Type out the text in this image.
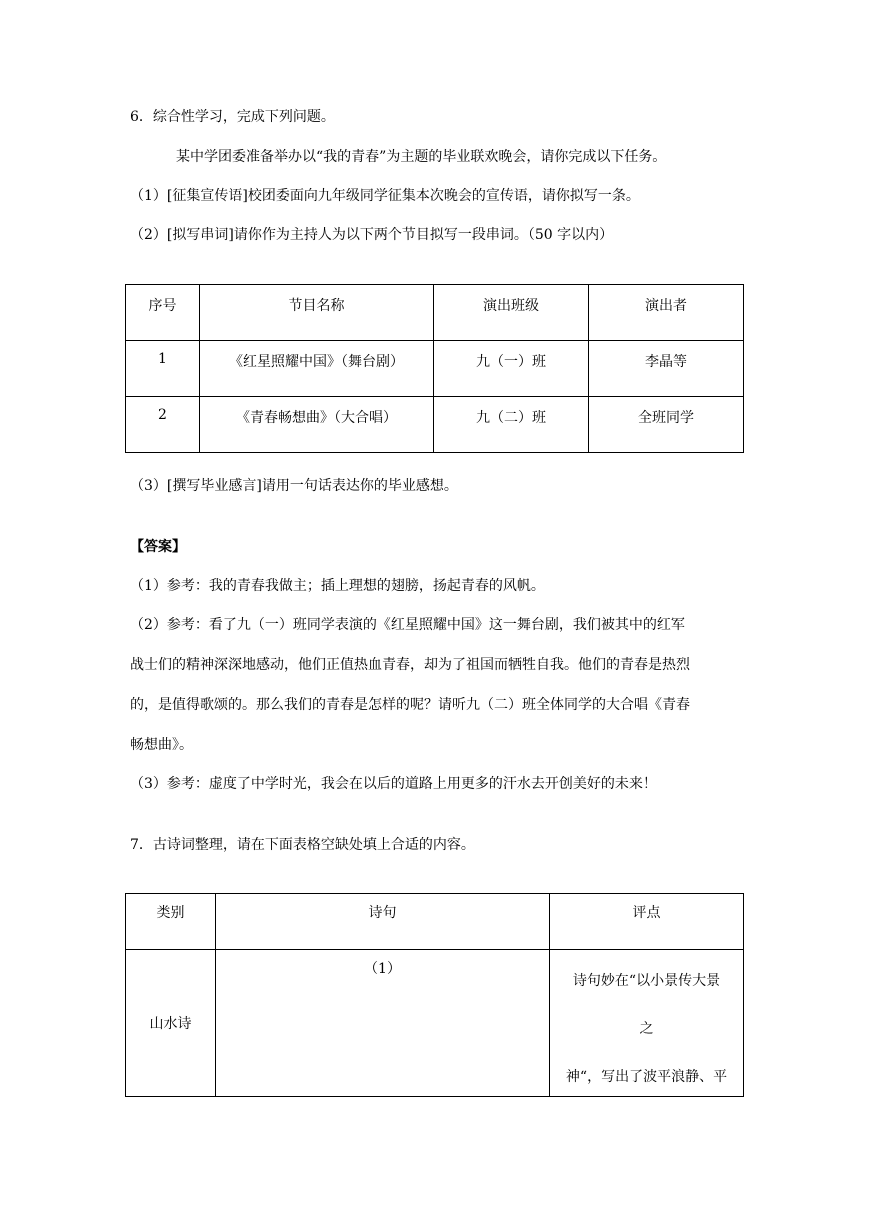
6．综合性学习，完成下列问题。
某中学团委准备举办以“我的青春”为主题的毕业联欢晚会，请你完成以下任务。
（1）[征集宣传语]校团委面向九年级同学征集本次晚会的宣传语，请你拟写一条。
（2）[拟写串词]请你作为主持人为以下两个节目拟写一段串词。（50 字以内）
序号	节目名称	演出班级	演出者

1	《红星照耀中国》（舞台剧）	九（一）班	李晶等

2	《青春畅想曲》（大合唱）	九（二）班	全班同学
（3）[撰写毕业感言]请用一句话表达你的毕业感想。
【答案】
（1）参考：我的青春我做主；插上理想的翅膀，扬起青春的风帆。
（2）参考：看了九（一）班同学表演的《红星照耀中国》这一舞台剧，我们被其中的红军
战士们的精神深深地感动，他们正值热血青春，却为了祖国而牺牲自我。他们的青春是热烈
的，是值得歌颂的。那么我们的青春是怎样的呢？请听九（二）班全体同学的大合唱《青春
畅想曲》。
（3）参考：虚度了中学时光，我会在以后的道路上用更多的汗水去开创美好的未来！
7．古诗词整理，请在下面表格空缺处填上合适的内容。
类别	诗句	评点

山水诗	（1）	诗句妙在“以小景传大景
之
神“，写出了波平浪静、平
